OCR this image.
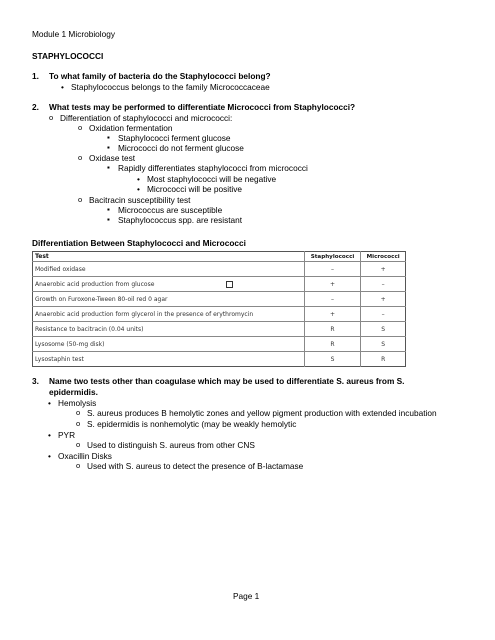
Module 1 Microbiology
STAPHYLOCOCCI
1. To what family of bacteria do the Staphylococci belong?
• Staphylococcus belongs to the family Micrococcaceae
2. What tests may be performed to differentiate Micrococci from Staphylococci?
o Differentiation of staphylococci and micrococci:
o Oxidation fermentation
▪ Staphylococci ferment glucose
▪ Micrococci do not ferment glucose
o Oxidase test
▪ Rapidly differentiates staphylococci from micrococci
• Most staphylococci will be negative
• Micrococci will be positive
o Bacitracin susceptibility test
▪ Micrococcus are susceptible
▪ Staphylococcus spp. are resistant
Differentiation Between Staphylococci and Micrococci
Test	Staphylococci	Micrococci
Modified oxidase	–	+
Anaerobic acid production from glucose	+	–
Growth on Furoxone-Tween 80-oil red 0 agar	–	+
Anaerobic acid production form glycerol in the presence of erythromycin	+	–
Resistance to bacitracin (0.04 units)	R	S
Lysosome (50-mg disk)	R	S
Lysostaphin test	S	R
3. Name two tests other than coagulase which may be used to differentiate S. aureus from S.
epidermidis.
• Hemolysis
o S. aureus produces B hemolytic zones and yellow pigment production with extended incubation
o S. epidermidis is nonhemolytic (may be weakly hemolytic
• PYR
o Used to distinguish S. aureus from other CNS
• Oxacillin Disks
o Used with S. aureus to detect the presence of B-lactamase
Page 1
